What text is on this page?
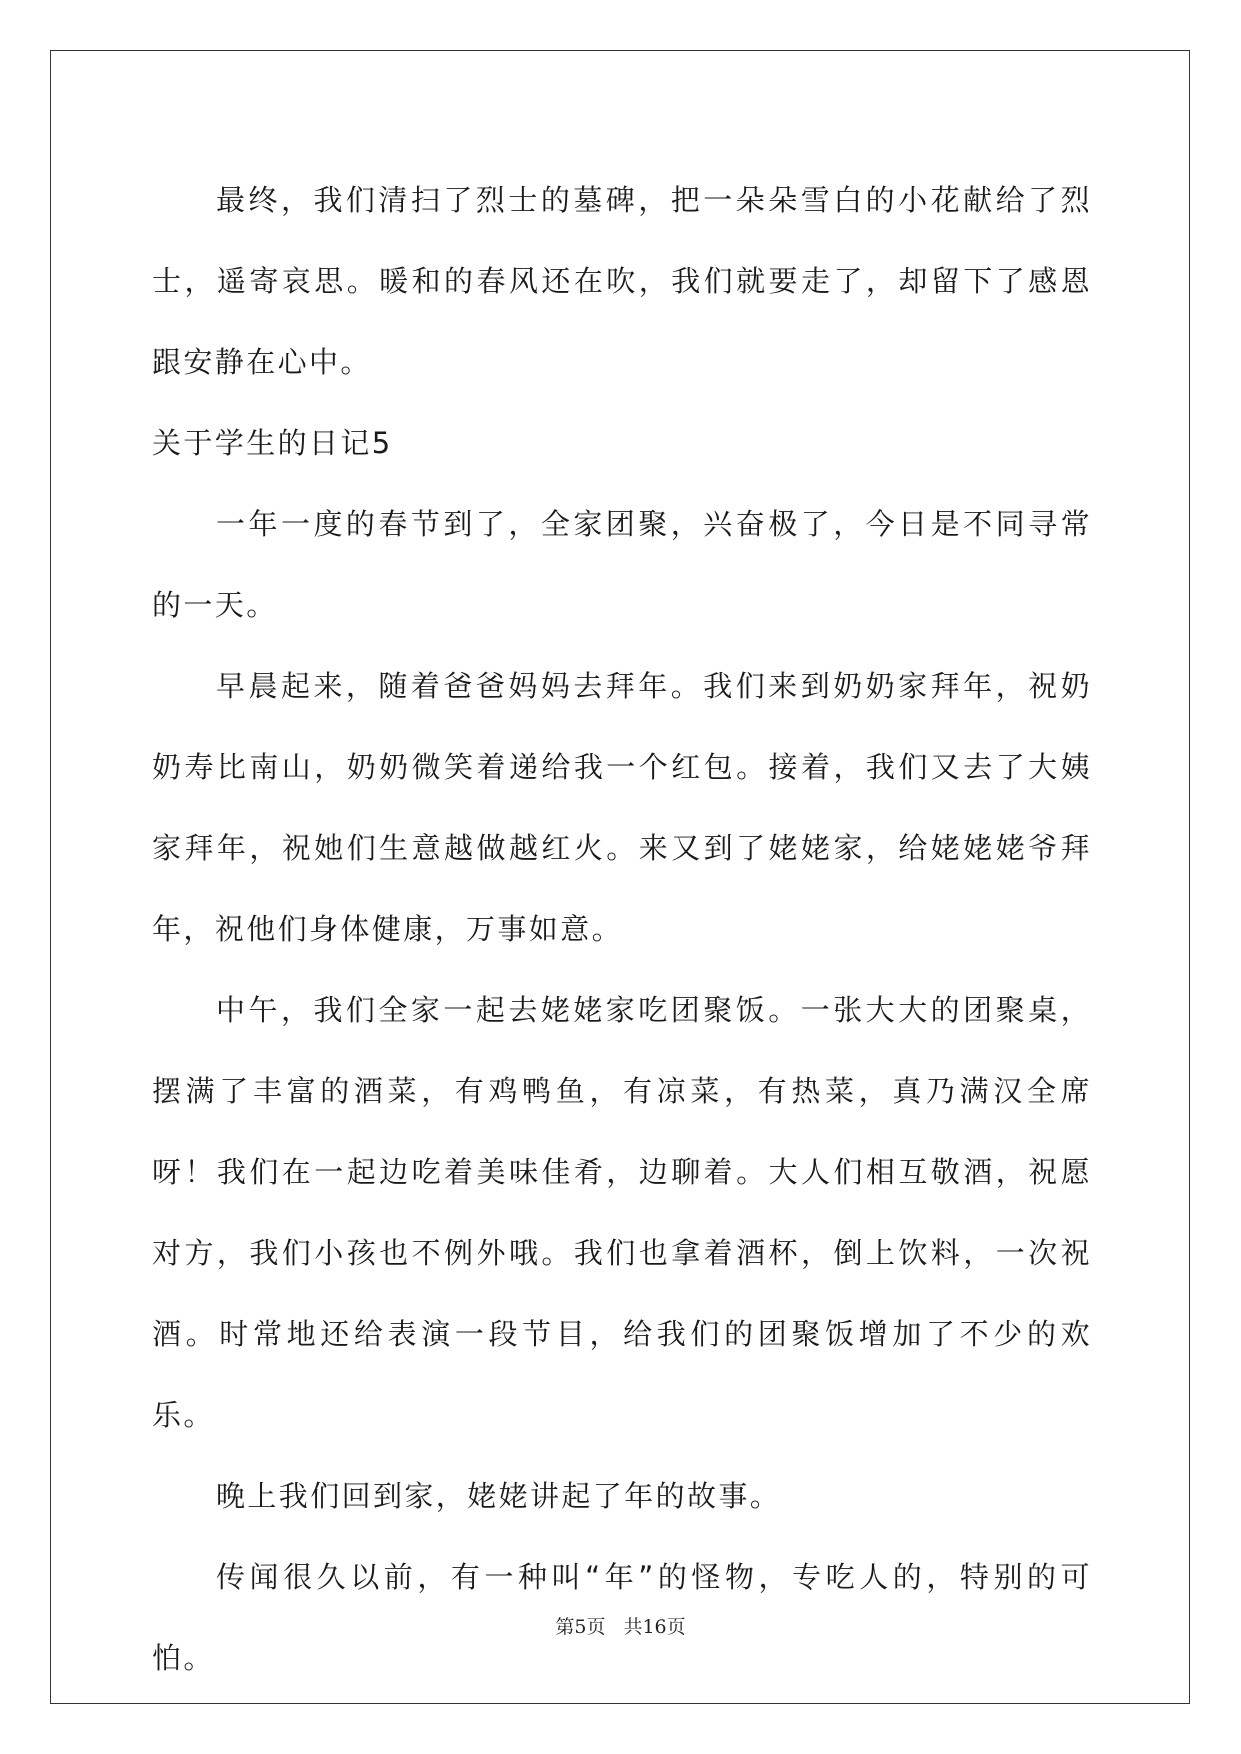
最终，我们清扫了烈士的墓碑，把一朵朵雪白的小花献给了烈士，遥寄哀思。暖和的春风还在吹，我们就要走了，却留下了感恩跟安静在心中。

关于学生的日记5

一年一度的春节到了，全家团聚，兴奋极了，今日是不同寻常的一天。

早晨起来，随着爸爸妈妈去拜年。我们来到奶奶家拜年，祝奶奶寿比南山，奶奶微笑着递给我一个红包。接着，我们又去了大姨家拜年，祝她们生意越做越红火。来又到了姥姥家，给姥姥姥爷拜年，祝他们身体健康，万事如意。

中午，我们全家一起去姥姥家吃团聚饭。一张大大的团聚桌，摆满了丰富的酒菜，有鸡鸭鱼，有凉菜，有热菜，真乃满汉全席呀！我们在一起边吃着美味佳肴，边聊着。大人们相互敬酒，祝愿对方，我们小孩也不例外哦。我们也拿着酒杯，倒上饮料，一次祝酒。时常地还给表演一段节目，给我们的团聚饭增加了不少的欢乐。

晚上我们回到家，姥姥讲起了年的故事。

传闻很久以前，有一种叫“年”的怪物，专吃人的，特别的可怕。

第5页 共16页
